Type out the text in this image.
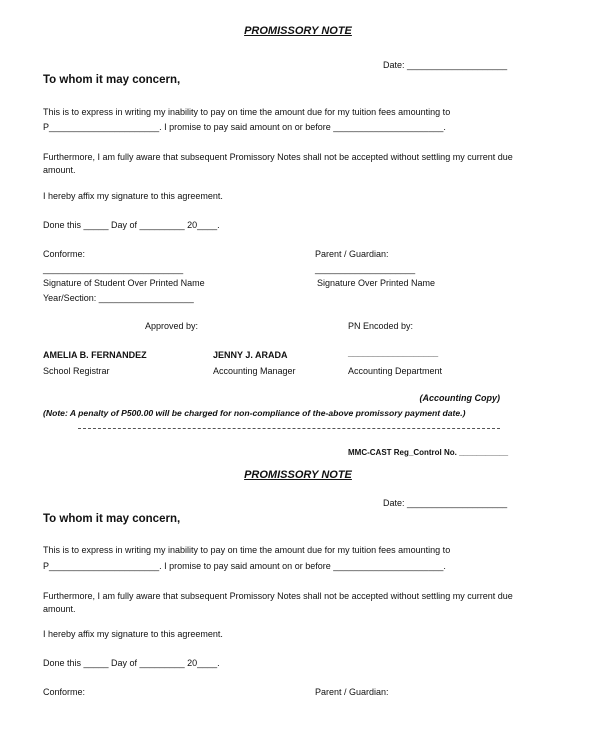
PROMISSORY NOTE
Date: ____________________
To whom it may concern,
This is to express in writing my inability to pay on time the amount due for my tuition fees amounting to
P______________________. I promise to pay said amount on or before ______________________.
Furthermore, I am fully aware that subsequent Promissory Notes shall not be accepted without settling my current due
amount.
I hereby affix my signature to this agreement.
Done this _____ Day of _________ 20____.
Conforme:	Parent / Guardian:
____________________________	____________________
Signature of Student Over Printed Name	Signature Over Printed Name
Year/Section: ___________________
Approved by:	PN Encoded by:
AMELIA B. FERNANDEZ	JENNY J. ARADA	__________________
School Registrar	Accounting Manager	Accounting Department
(Accounting Copy)
(Note: A penalty of P500.00 will be charged for non-compliance of the-above promissory payment date.)
MMC-CAST Reg_Control No. ___________
PROMISSORY NOTE
Date: ____________________
To whom it may concern,
This is to express in writing my inability to pay on time the amount due for my tuition fees amounting to
P______________________. I promise to pay said amount on or before ______________________.
Furthermore, I am fully aware that subsequent Promissory Notes shall not be accepted without settling my current due
amount.
I hereby affix my signature to this agreement.
Done this _____ Day of _________ 20____.
Conforme:	Parent / Guardian:
